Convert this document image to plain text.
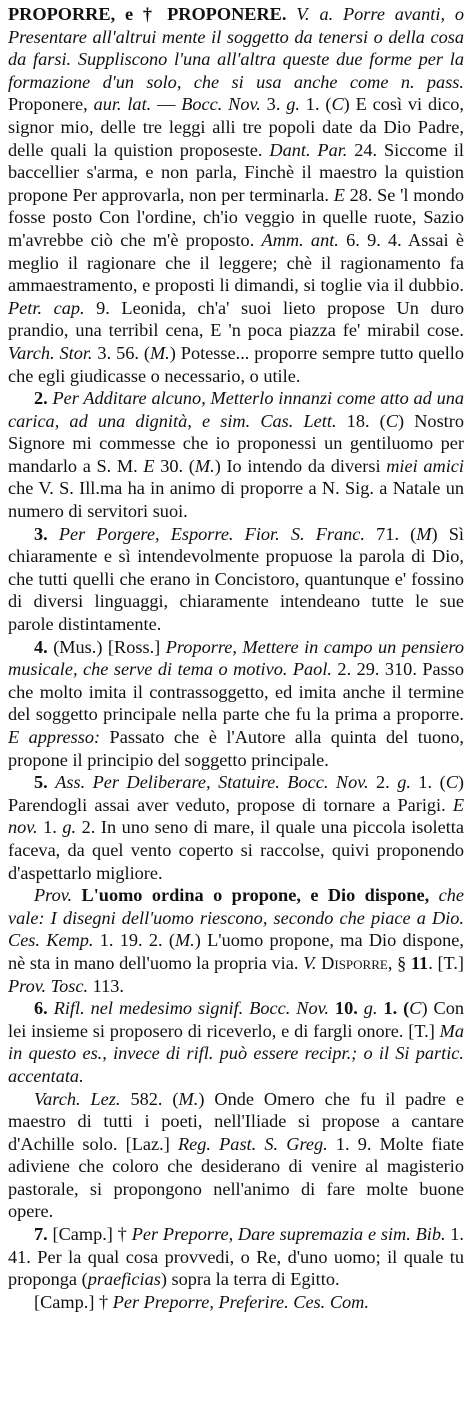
PROPORRE, e † PROPONERE. V. a. Porre avanti, o Presentare all'altrui mente il soggetto da tenersi o della cosa da farsi. Suppliscono l'una all'altra queste due forme per la formazione d'un solo, che si usa anche come n. pass. Proponere, aur. lat. — Bocc. Nov. 3. g. 1. (C) E così vi dico, signor mio, delle tre leggi alli tre popoli date da Dio Padre, delle quali la quistion proposeste. Dant. Par. 24. Siccome il baccellier s'arma, e non parla, Finchè il maestro la quistion propone Per approvarla, non per terminarla. E 28. Se 'l mondo fosse posto Con l'ordine, ch'io veggio in quelle ruote, Sazio m'avrebbe ciò che m'è proposto. Amm. ant. 6. 9. 4. Assai è meglio il ragionare che il leggere; chè il ragionamento fa ammaestramento, e proposti li dimandi, si toglie via il dubbio. Petr. cap. 9. Leonida, ch'a' suoi lieto propose Un duro prandio, una terribil cena, E 'n poca piazza fe' mirabil cose. Varch. Stor. 3. 56. (M.) Potesse... proporre sempre tutto quello che egli giudicasse o necessario, o utile.

2. Per Additare alcuno, Metterlo innanzi come atto ad una carica, ad una dignità, e sim. Cas. Lett. 18. (C) Nostro Signore mi commesse che io proponessi un gentiluomo per mandarlo a S. M. E 30. (M.) Io intendo da diversi miei amici che V. S. Ill.ma ha in animo di proporre a N. Sig. a Natale un numero di servitori suoi.

3. Per Porgere, Esporre. Fior. S. Franc. 71. (M) Sì chiaramente e sì intendevolmente propuose la parola di Dio, che tutti quelli che erano in Concistoro, quantunque e' fossino di diversi linguaggi, chiaramente intendeano tutte le sue parole distintamente.

4. (Mus.) [Ross.] Proporre, Mettere in campo un pensiero musicale, che serve di tema o motivo. Paol. 2. 29. 310. Passo che molto imita il contrassoggetto, ed imita anche il termine del soggetto principale nella parte che fu la prima a proporre. E appresso: Passato che è l'Autore alla quinta del tuono, propone il principio del soggetto principale.

5. Ass. Per Deliberare, Statuire. Bocc. Nov. 2. g. 1. (C) Parendogli assai aver veduto, propose di tornare a Parigi. E nov. 1. g. 2. In uno seno di mare, il quale una piccola isoletta faceva, da quel vento coperto si raccolse, quivi proponendo d'aspettarlo migliore.

Prov. L'uomo ordina o propone, e Dio dispone, che vale: I disegni dell'uomo riescono, secondo che piace a Dio. Ces. Kemp. 1. 19. 2. (M.) L'uomo propone, ma Dio dispone, nè sta in mano dell'uomo la propria via. V. Disporre, § 11. [T.] Prov. Tosc. 113.

6. Rifl. nel medesimo signif. Bocc. Nov. 10. g. 1. (C) Con lei insieme si proposero di riceverlo, e di fargli onore. [T.] Ma in questo es., invece di rifl. può essere recipr.; o il Si partic. accentata.

Varch. Lez. 582. (M.) Onde Omero che fu il padre e maestro di tutti i poeti, nell'Iliade si propose a cantare d'Achille solo. [Laz.] Reg. Past. S. Greg. 1. 9. Molte fiate adiviene che coloro che desiderano di venire al magisterio pastorale, si propongono nell'animo di fare molte buone opere.

7. [Camp.] † Per Preporre, Dare supremazia e sim. Bib. 1. 41. Per la qual cosa provvedi, o Re, d'uno uomo; il quale tu proponga (praeficias) sopra la terra di Egitto.

[Camp.] † Per Preporre, Preferire. Ces. Com.
